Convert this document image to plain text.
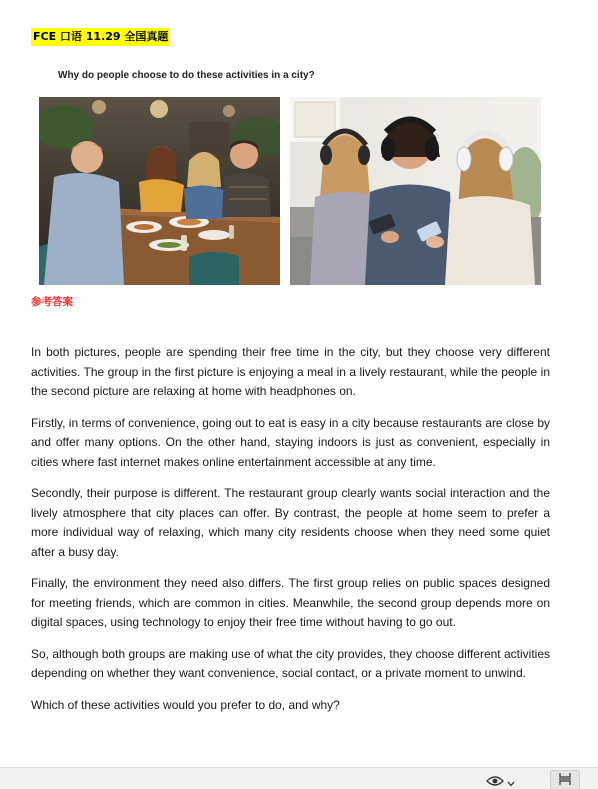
FCE 口语 11.29 全国真题
Why do people choose to do these activities in a city?
参考答案

In both pictures, people are spending their free time in the city, but they choose very different activities. The group in the first picture is enjoying a meal in a lively restaurant, while the people in the second picture are relaxing at home with headphones on.

Firstly, in terms of convenience, going out to eat is easy in a city because restaurants are close by and offer many options. On the other hand, staying indoors is just as convenient, especially in cities where fast internet makes online entertainment accessible at any time.

Secondly, their purpose is different. The restaurant group clearly wants social interaction and the lively atmosphere that city places can offer. By contrast, the people at home seem to prefer a more individual way of relaxing, which many city residents choose when they need some quiet after a busy day.

Finally, the environment they need also differs. The first group relies on public spaces designed for meeting friends, which are common in cities. Meanwhile, the second group depends more on digital spaces, using technology to enjoy their free time without having to go out.

So, although both groups are making use of what the city provides, they choose different activities depending on whether they want convenience, social contact, or a private moment to unwind.

Which of these activities would you prefer to do, and why?
